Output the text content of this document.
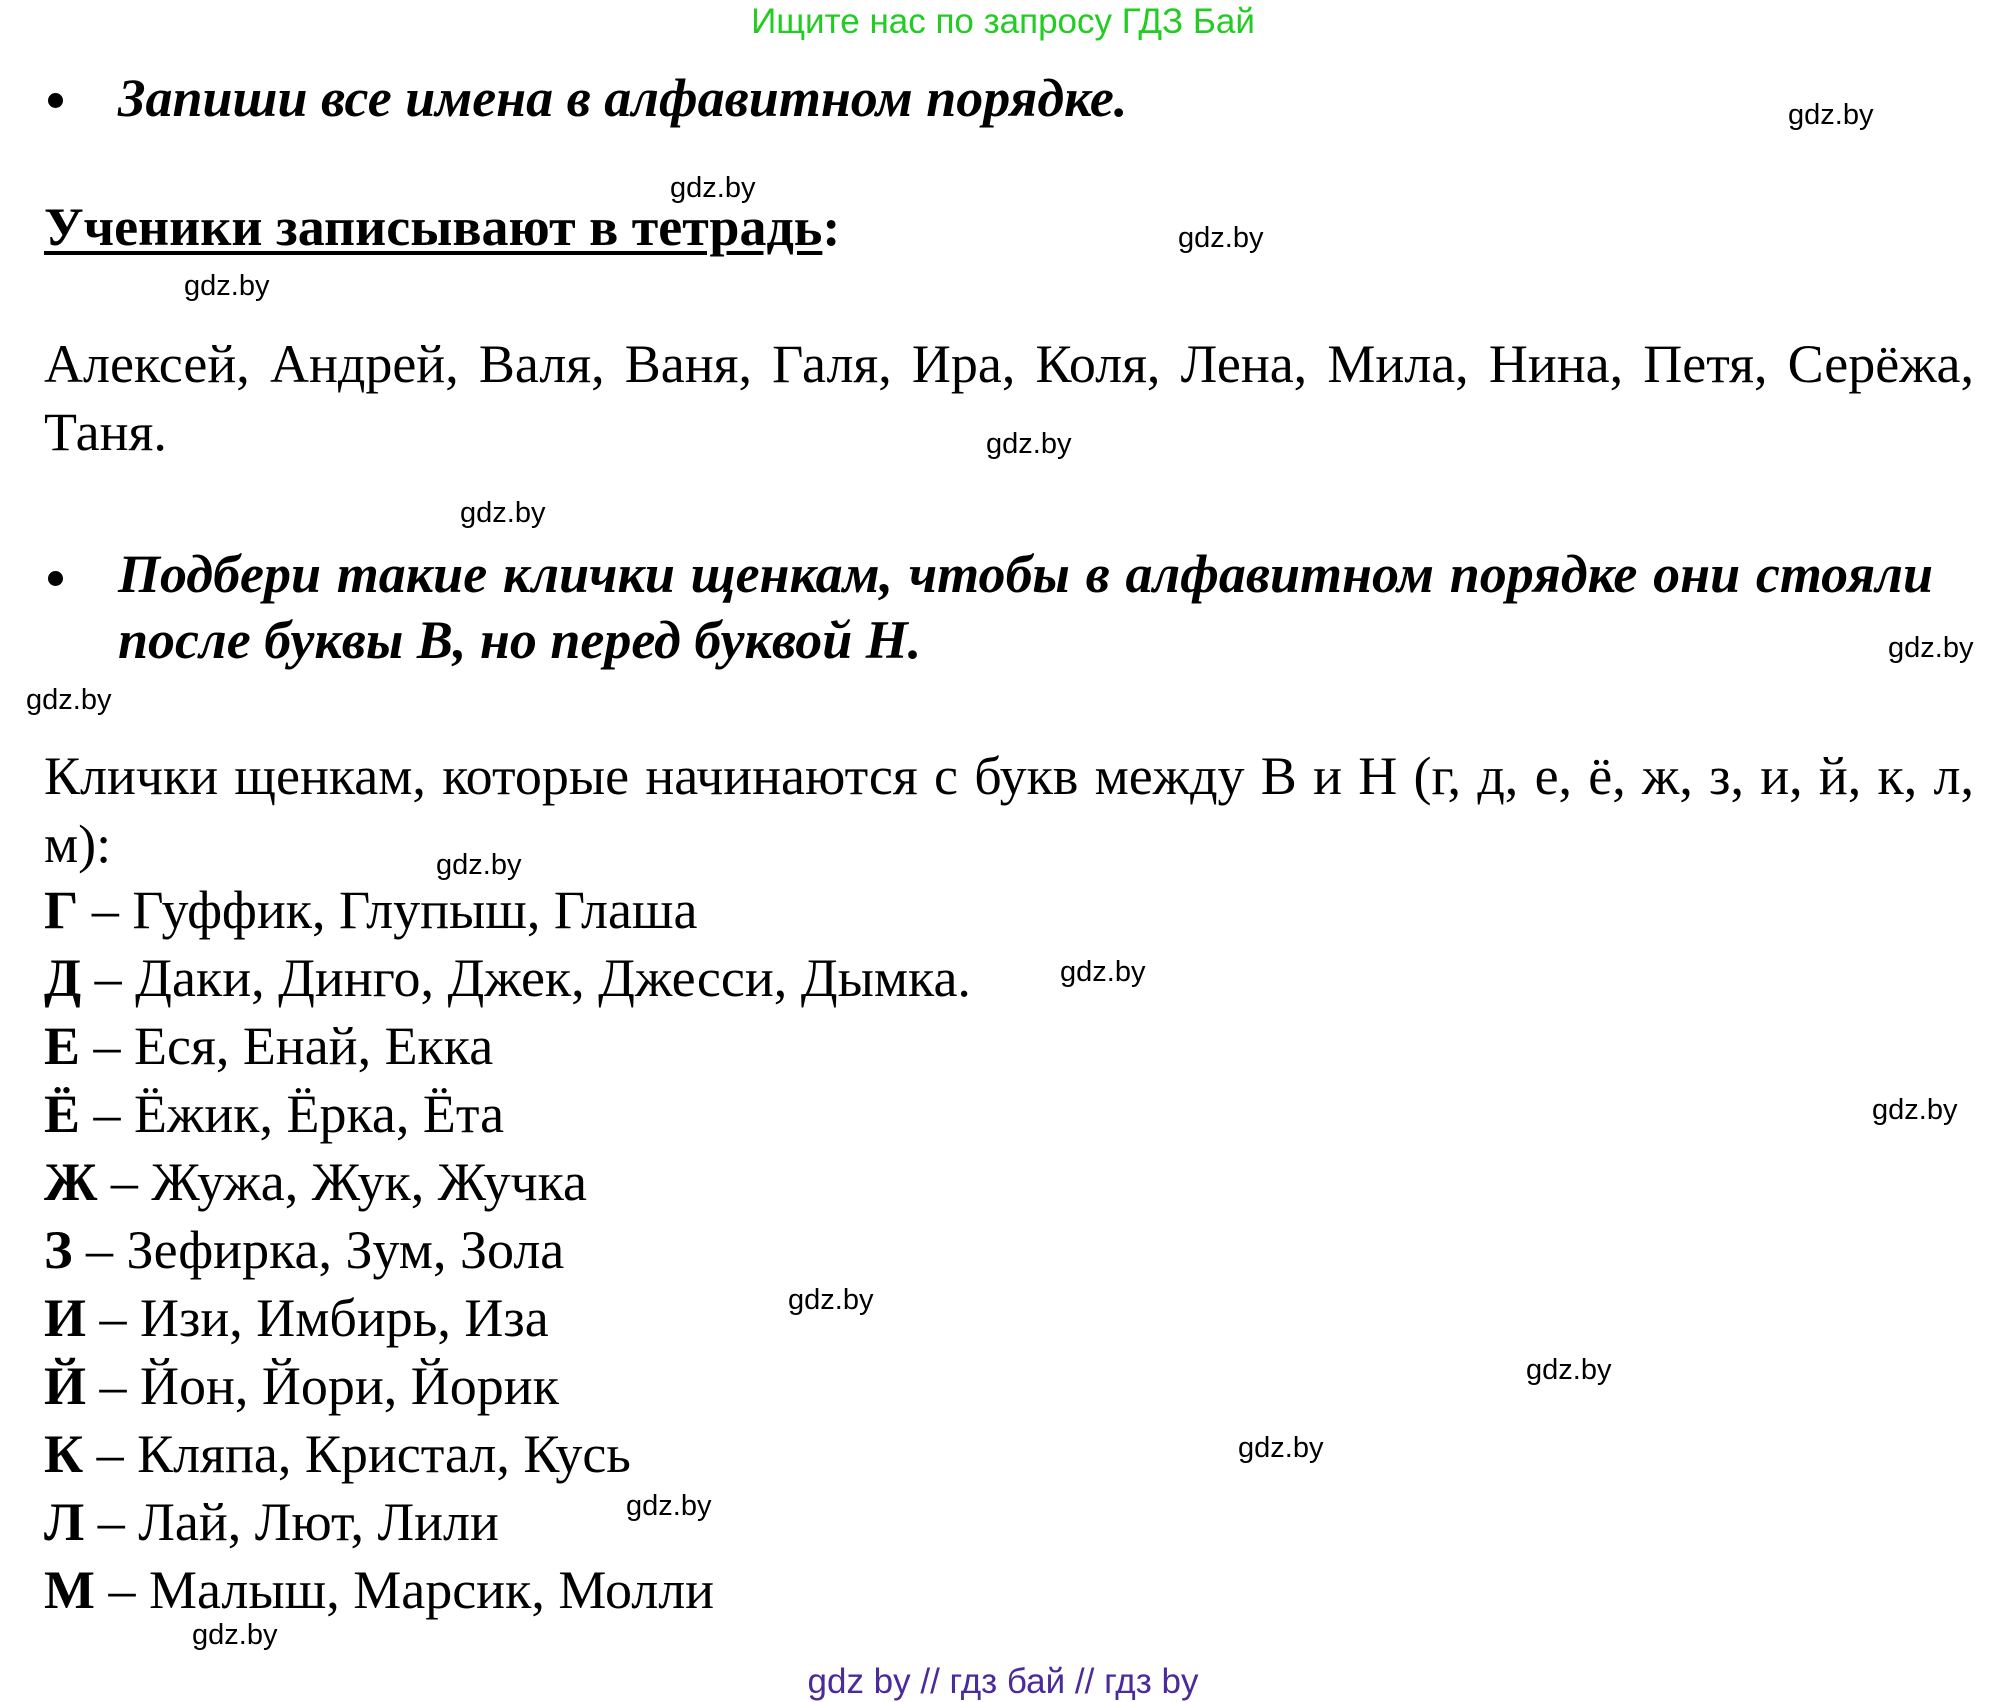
Ищите нас по запросу ГДЗ Бай
Запиши все имена в алфавитном порядке.
Ученики записывают в тетрадь:
Алексей, Андрей, Валя, Ваня, Галя, Ира, Коля, Лена, Мила, Нина, Петя, Серёжа, Таня.
Подбери такие клички щенкам, чтобы в алфавитном порядке они стояли после буквы В, но перед буквой Н.
Клички щенкам, которые начинаются с букв между В и Н (г, д, е, ё, ж, з, и, й, к, л, м):
Г – Гуффик, Глупыш, Глаша
Д – Даки, Динго, Джек, Джесси, Дымка.
Е – Еся, Енай, Екка
Ё – Ёжик, Ёрка, Ёта
Ж – Жужа, Жук, Жучка
З – Зефирка, Зум, Зола
И – Изи, Имбирь, Иза
Й – Йон, Йори, Йорик
К – Кляпа, Кристал, Кусь
Л – Лай, Лют, Лили
М – Малыш, Марсик, Молли
gdz.by
gdz.by
gdz.by
gdz.by
gdz.by
gdz.by
gdz.by
gdz.by
gdz.by
gdz.by
gdz.by
gdz.by
gdz.by
gdz.by
gdz.by
gdz.by
gdz by // гдз бай // гдз by
